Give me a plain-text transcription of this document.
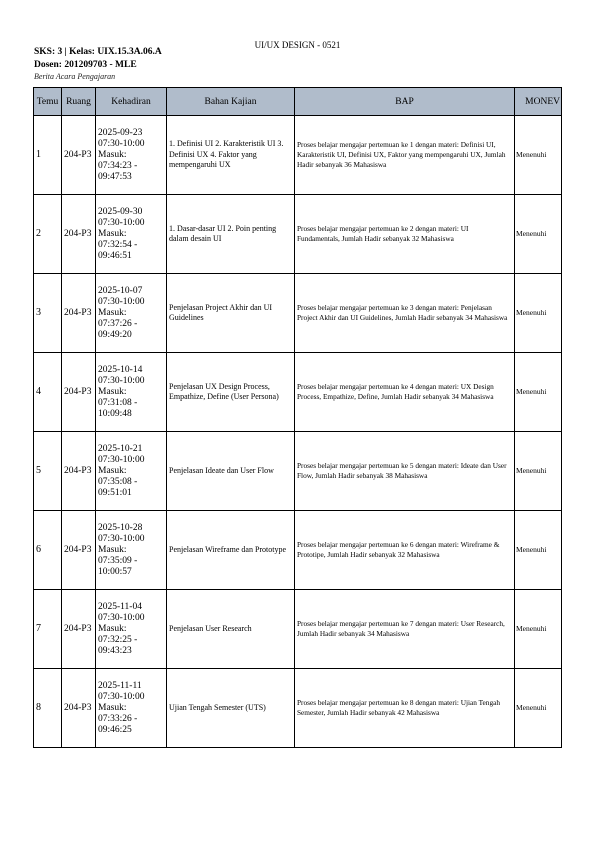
UI/UX DESIGN - 0521
SKS: 3 | Kelas: UIX.15.3A.06.A
Dosen: 201209703 - MLE
Berita Acara Pengajaran
Temu	Ruang	Kehadiran	Bahan Kajian	BAP	MONEV
1	204-P3	2025-09-23
07:30-10:00
Masuk:
07:34:23 - 09:47:53	1. Definisi UI 2. Karakteristik UI 3. Definisi UX 4. Faktor yang mempengaruhi UX	Proses belajar mengajar pertemuan ke 1 dengan materi: Definisi UI, Karakteristik UI, Definisi UX, Faktor yang mempengaruhi UX, Jumlah Hadir sebanyak 36 Mahasiswa	Menenuhi
2	204-P3	2025-09-30
07:30-10:00
Masuk:
07:32:54 - 09:46:51	1. Dasar-dasar UI 2. Poin penting dalam desain UI	Proses belajar mengajar pertemuan ke 2 dengan materi: UI Fundamentals, Jumlah Hadir sebanyak 32 Mahasiswa	Menenuhi
3	204-P3	2025-10-07
07:30-10:00
Masuk:
07:37:26 - 09:49:20	Penjelasan Project Akhir dan UI Guidelines	Proses belajar mengajar pertemuan ke 3 dengan materi: Penjelasan Project Akhir dan UI Guidelines, Jumlah Hadir sebanyak 34 Mahasiswa	Menenuhi
4	204-P3	2025-10-14
07:30-10:00
Masuk:
07:31:08 - 10:09:48	Penjelasan UX Design Process, Empathize, Define (User Persona)	Proses belajar mengajar pertemuan ke 4 dengan materi: UX Design Process, Empathize, Define, Jumlah Hadir sebanyak 34 Mahasiswa	Menenuhi
5	204-P3	2025-10-21
07:30-10:00
Masuk:
07:35:08 - 09:51:01	Penjelasan Ideate dan User Flow	Proses belajar mengajar pertemuan ke 5 dengan materi: Ideate dan User Flow, Jumlah Hadir sebanyak 38 Mahasiswa	Menenuhi
6	204-P3	2025-10-28
07:30-10:00
Masuk:
07:35:09 - 10:00:57	Penjelasan Wireframe dan Prototype	Proses belajar mengajar pertemuan ke 6 dengan materi: Wireframe & Prototipe, Jumlah Hadir sebanyak 32 Mahasiswa	Menenuhi
7	204-P3	2025-11-04
07:30-10:00
Masuk:
07:32:25 - 09:43:23	Penjelasan User Research	Proses belajar mengajar pertemuan ke 7 dengan materi: User Research, Jumlah Hadir sebanyak 34 Mahasiswa	Menenuhi
8	204-P3	2025-11-11
07:30-10:00
Masuk:
07:33:26 - 09:46:25	Ujian Tengah Semester (UTS)	Proses belajar mengajar pertemuan ke 8 dengan materi: Ujian Tengah Semester, Jumlah Hadir sebanyak 42 Mahasiswa	Menenuhi
